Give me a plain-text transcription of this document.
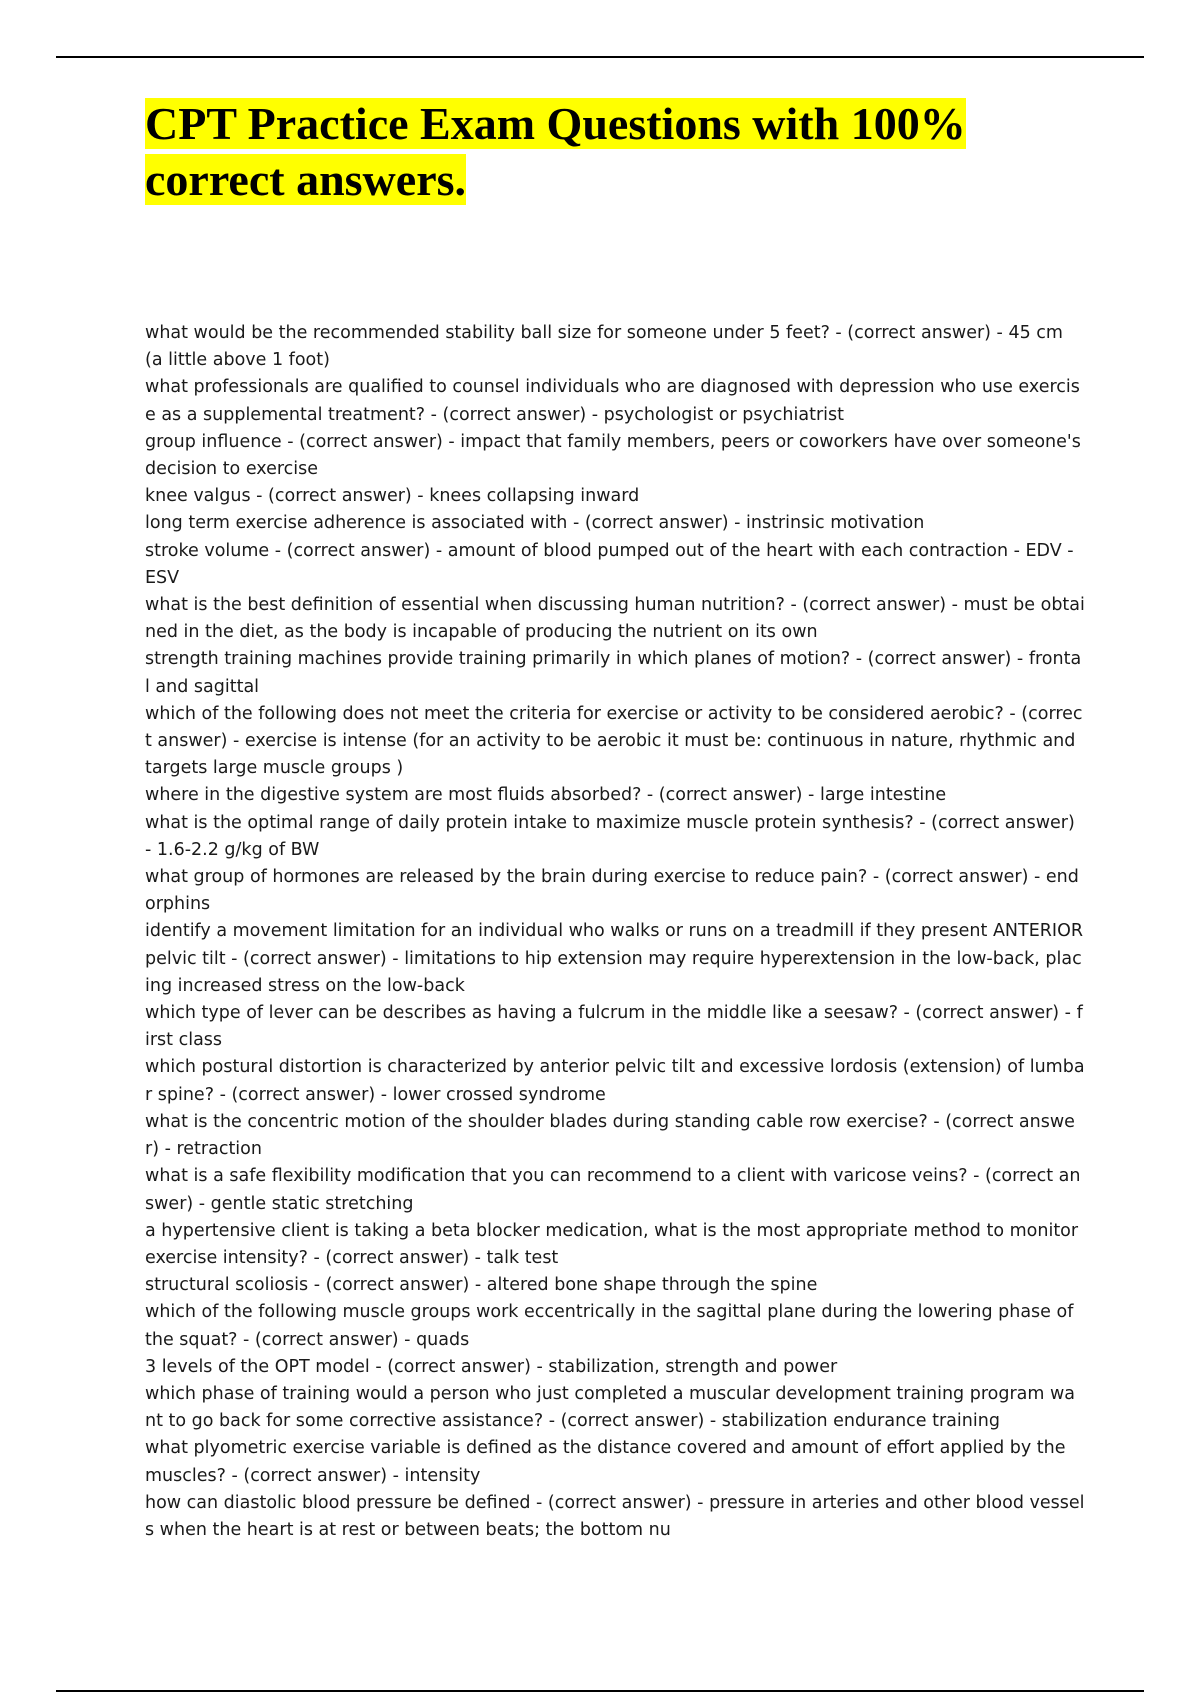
CPT Practice Exam Questions with 100% correct answers.

what would be the recommended stability ball size for someone under 5 feet? - (correct answer) - 45 cm (a little above 1 foot)

what professionals are qualified to counsel individuals who are diagnosed with depression who use exercise as a supplemental treatment? - (correct answer) - psychologist or psychiatrist

group influence - (correct answer) - impact that family members, peers or coworkers have over someone's decision to exercise

knee valgus - (correct answer) - knees collapsing inward

long term exercise adherence is associated with - (correct answer) - instrinsic motivation

stroke volume - (correct answer) - amount of blood pumped out of the heart with each contraction - EDV - ESV

what is the best definition of essential when discussing human nutrition? - (correct answer) - must be obtained in the diet, as the body is incapable of producing the nutrient on its own

strength training machines provide training primarily in which planes of motion? - (correct answer) - frontal and sagittal

which of the following does not meet the criteria for exercise or activity to be considered aerobic? - (correct answer) - exercise is intense (for an activity to be aerobic it must be: continuous in nature, rhythmic and targets large muscle groups )

where in the digestive system are most fluids absorbed? - (correct answer) - large intestine

what is the optimal range of daily protein intake to maximize muscle protein synthesis? - (correct answer) - 1.6-2.2 g/kg of BW

what group of hormones are released by the brain during exercise to reduce pain? - (correct answer) - endorphins

identify a movement limitation for an individual who walks or runs on a treadmill if they present ANTERIOR pelvic tilt - (correct answer) - limitations to hip extension may require hyperextension in the low-back, placing increased stress on the low-back

which type of lever can be describes as having a fulcrum in the middle like a seesaw? - (correct answer) - first class

which postural distortion is characterized by anterior pelvic tilt and excessive lordosis (extension) of lumbar spine? - (correct answer) - lower crossed syndrome

what is the concentric motion of the shoulder blades during standing cable row exercise? - (correct answer) - retraction

what is a safe flexibility modification that you can recommend to a client with varicose veins? - (correct answer) - gentle static stretching

a hypertensive client is taking a beta blocker medication, what is the most appropriate method to monitor exercise intensity? - (correct answer) - talk test

structural scoliosis - (correct answer) - altered bone shape through the spine

which of the following muscle groups work eccentrically in the sagittal plane during the lowering phase of the squat? - (correct answer) - quads

3 levels of the OPT model - (correct answer) - stabilization, strength and power

which phase of training would a person who just completed a muscular development training program want to go back for some corrective assistance? - (correct answer) - stabilization endurance training

what plyometric exercise variable is defined as the distance covered and amount of effort applied by the muscles? - (correct answer) - intensity

how can diastolic blood pressure be defined - (correct answer) - pressure in arteries and other blood vessels when the heart is at rest or between beats; the bottom nu
